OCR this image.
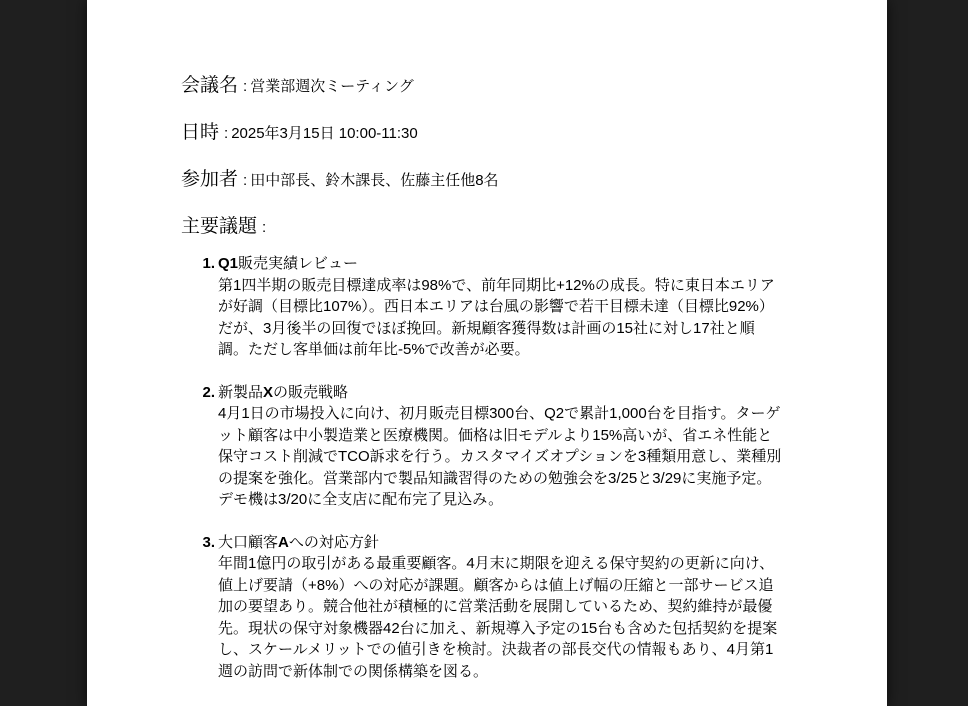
会議名 : 営業部週次ミーティング

日時 : 2025年3月15日 10:00-11:30

参加者 : 田中部長、鈴木課長、佐藤主任他8名

主要議題 :

1. Q1販売実績レビュー
第1四半期の販売目標達成率は98%で、前年同期比+12%の成長。特に東日本エリアが好調（目標比107%）。西日本エリアは台風の影響で若干目標未達（目標比92%）だが、3月後半の回復でほぼ挽回。新規顧客獲得数は計画の15社に対し17社と順調。ただし客単価は前年比-5%で改善が必要。
2. 新製品Xの販売戦略
4月1日の市場投入に向け、初月販売目標300台、Q2で累計1,000台を目指す。ターゲット顧客は中小製造業と医療機関。価格は旧モデルより15%高いが、省エネ性能と保守コスト削減でTCO訴求を行う。カスタマイズオプションを3種類用意し、業種別の提案を強化。営業部内で製品知識習得のための勉強会を3/25と3/29に実施予定。デモ機は3/20に全支店に配布完了見込み。
3. 大口顧客Aへの対応方針
年間1億円の取引がある最重要顧客。4月末に期限を迎える保守契約の更新に向け、値上げ要請（+8%）への対応が課題。顧客からは値上げ幅の圧縮と一部サービス追加の要望あり。競合他社が積極的に営業活動を展開しているため、契約維持が最優先。現状の保守対象機器42台に加え、新規導入予定の15台も含めた包括契約を提案し、スケールメリットでの値引きを検討。決裁者の部長交代の情報もあり、4月第1週の訪問で新体制での関係構築を図る。
